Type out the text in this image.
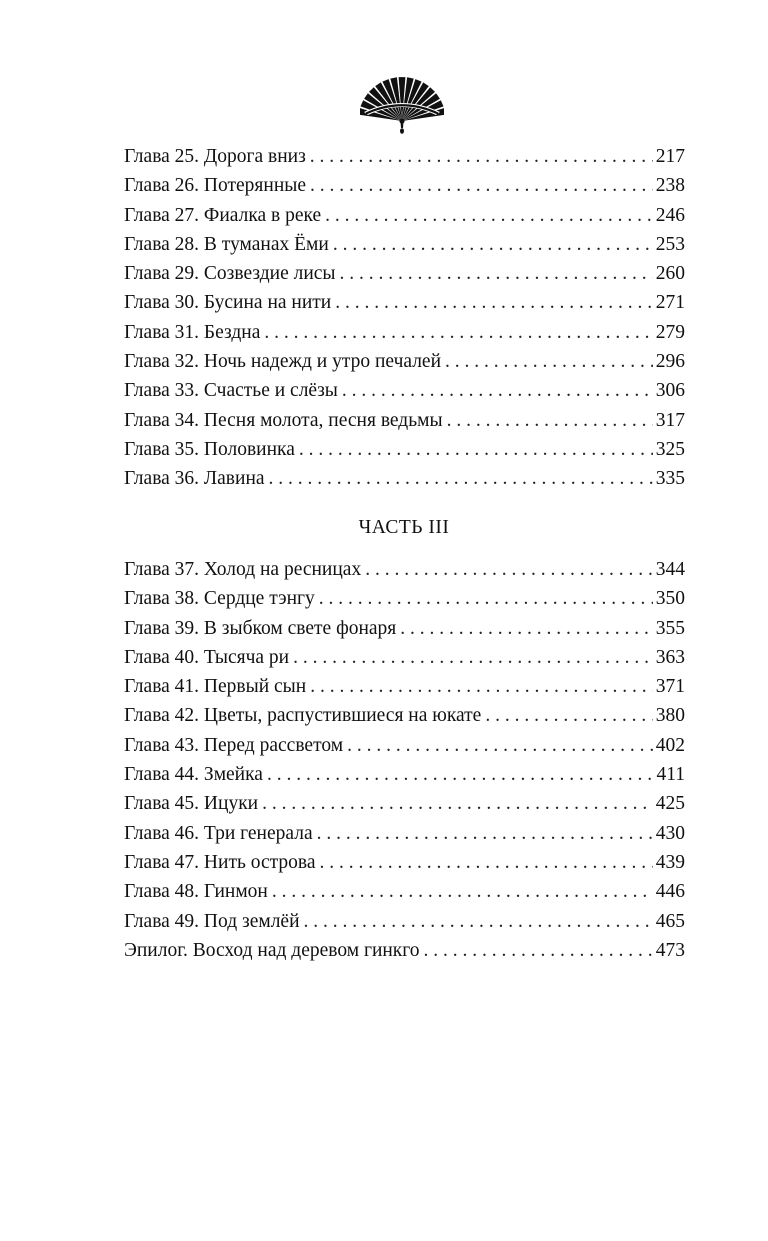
Глава 25. Дорога вниз . . .	217
Глава 26. Потерянные . . .	238
Глава 27. Фиалка в реке . . .	246
Глава 28. В туманах Ёми . . .	253
Глава 29. Созвездие лисы . . .	260
Глава 30. Бусина на нити . . .	271
Глава 31. Бездна . . .	279
Глава 32. Ночь надежд и утро печалей . . .	296
Глава 33. Счастье и слёзы . . .	306
Глава 34. Песня молота, песня ведьмы . . .	317
Глава 35. Половинка . . .	325
Глава 36. Лавина . . .	335
ЧАСТЬ III
Глава 37. Холод на ресницах . . .	344
Глава 38. Сердце тэнгу . . .	350
Глава 39. В зыбком свете фонаря . . .	355
Глава 40. Тысяча ри . . .	363
Глава 41. Первый сын . . .	371
Глава 42. Цветы, распустившиеся на юкате . . .	380
Глава 43. Перед рассветом . . .	402
Глава 44. Змейка . . .	411
Глава 45. Ицуки . . .	425
Глава 46. Три генерала . . .	430
Глава 47. Нить острова . . .	439
Глава 48. Гинмон . . .	446
Глава 49. Под землёй . . .	465
Эпилог. Восход над деревом гинкго . . .	473
